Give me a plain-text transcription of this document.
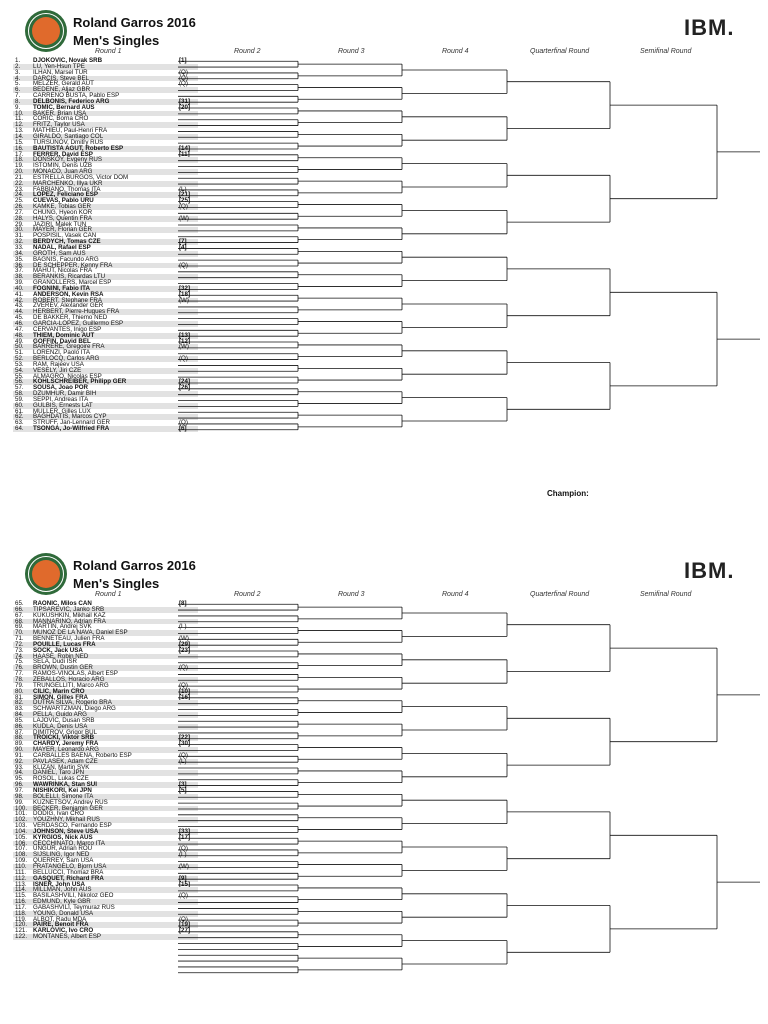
Roland Garros 2016
Men's Singles
IBM.
Round 1	Round 2	Round 3	Round 4	Quarterfinal Round	Semifinal Round
1. DJOKOVIC, Novak SRB	[1]
2. LU, Yen-Hsun TPE
3. ILHAN, Marsel TUR	(Q)
4. DARCIS, Steve BEL	(Q)
5. MELZER, Gerald AUT	(Q)
6. BEDENE, Aljaz GBR
7. CARRENO BUSTA, Pablo ESP
8. DELBONIS, Federico ARG	[31]
9. TOMIC, Bernard AUS	[20]
10. BAKER, Brian USA
11. CORIC, Borna CRO
12. FRITZ, Taylor USA
13. MATHIEU, Paul-Henri FRA
14. GIRALDO, Santiago COL
15. TURSUNOV, Dmitry RUS
16. BAUTISTA AGUT, Roberto ESP	[14]
17. FERRER, David ESP	[11]
18. DONSKOY, Evgeny RUS
19. ISTOMIN, Denis UZB
20. MONACO, Juan ARG
21. ESTRELLA BURGOS, Victor DOM
22. MARCHENKO, Illya UKR
23. FABBIANO, Thomas ITA	(L)
24. LOPEZ, Feliciano ESP	[21]
25. CUEVAS, Pablo URU	[25]
26. KAMKE, Tobias GER	(Q)
27. CHUNG, Hyeon KOR
28. HALYS, Quentin FRA	(W)
29. JAZIRI, Malek TUN
30. MAYER, Florian GER
31. POSPISIL, Vasek CAN
32. BERDYCH, Tomas CZE	[7]
33. NADAL, Rafael ESP	[4]
34. GROTH, Sam AUS
35. BAGNIS, Facundo ARG
36. DE SCHEPPER, Kenny FRA	(Q)
37. MAHUT, Nicolas FRA
38. BERANKIS, Ricardas LTU
39. GRANOLLERS, Marcel ESP
40. FOGNINI, Fabio ITA	[32]
41. ANDERSON, Kevin RSA	[18]
42. ROBERT, Stephane FRA	(W)
43. ZVEREV, Alexander GER
44. HERBERT, Pierre-Hugues FRA
45. DE BAKKER, Thiemo NED
46. GARCIA-LOPEZ, Guillermo ESP
47. CERVANTES, Inigo ESP
48. THIEM, Dominic AUT	[13]
49. GOFFIN, David BEL	[12]
50. BARRERE, Gregoire FRA	(W)
51. LORENZI, Paolo ITA
52. BERLOCQ, Carlos ARG	(Q)
53. RAM, Rajeev USA
54. VESELY, Jiri CZE
55. ALMAGRO, Nicolas ESP
56. KOHLSCHREIBER, Philipp GER	[24]
57. SOUSA, Joao POR	[26]
58. DZUMHUR, Damir BIH
59. SEPPI, Andreas ITA
60. GULBIS, Ernests LAT
61. MULLER, Gilles LUX
62. BAGHDATIS, Marcos CYP
63. STRUFF, Jan-Lennard GER	(Q)
64. TSONGA, Jo-Wilfried FRA	[6]
Champion:
Roland Garros 2016
Men's Singles
IBM.
Round 1	Round 2	Round 3	Round 4	Quarterfinal Round	Semifinal Round
65. RAONIC, Milos CAN	[8]
66. TIPSAREVIC, Janko SRB
67. KUKUSHKIN, Mikhail KAZ
68. MANNARINO, Adrian FRA
69. MARTIN, Andrej SVK	(L)
70. MUNOZ DE LA NAVA, Daniel ESP
71. BENNETEAU, Julien FRA	(W)
72. POUILLE, Lucas FRA	[29]
73. SOCK, Jack USA	[23]
74. HAASE, Robin NED
75. SELA, Dudi ISR
76. BROWN, Dustin GER	(Q)
77. RAMOS-VINOLAS, Albert ESP
78. ZEBALLOS, Horacio ARG
79. TRUNGELLITI, Marco ARG	(Q)
80. CILIC, Marin CRO	[10]
81. SIMON, Gilles FRA	[16]
82. DUTRA SILVA, Rogerio BRA
83. SCHWARTZMAN, Diego ARG
84. PELLA, Guido ARG
85. LAJOVIC, Dusan SRB
86. KUDLA, Denis USA
87. DIMITROV, Grigor BUL
88. TROICKI, Viktor SRB	[22]
89. CHARDY, Jeremy FRA	[30]
90. MAYER, Leonardo ARG
91. CARBALLES BAENA, Roberto ESP	(Q)
92. PAVLASEK, Adam CZE	(L)
93. KLIZAN, Martin SVK
94. DANIEL, Taro JPN
95. ROSOL, Lukas CZE
96. WAWRINKA, Stan SUI	[3]
97. NISHIKORI, Kei JPN	[5]
98. BOLELLI, Simone ITA
99. KUZNETSOV, Andrey RUS
100. BECKER, Benjamin GER
101. DODIG, Ivan CRO
102. YOUZHNY, Mikhail RUS
103. VERDASCO, Fernando ESP
104. JOHNSON, Steve USA	[33]
105. KYRGIOS, Nick AUS	[17]
106. CECCHINATO, Marco ITA
107. UNGUR, Adrian ROU	(Q)
108. SIJSLING, Igor NED	(L)
109. QUERREY, Sam USA
110. FRATANGELO, Bjorn USA	(W)
111. BELLUCCI, Thomaz BRA
112. GASQUET, Richard FRA	[9]
113. ISNER, John USA	[15]
114. MILLMAN, John AUS
115. BASILASHVILI, Nikoloz GEO	(Q)
116. EDMUND, Kyle GBR
117. GABASHVILI, Teymuraz RUS
118. YOUNG, Donald USA
119. ALBOT, Radu MDA	(Q)
120. PAIRE, Benoit FRA	[19]
121. KARLOVIC, Ivo CRO	[27]
122. MONTANES, Albert ESP
